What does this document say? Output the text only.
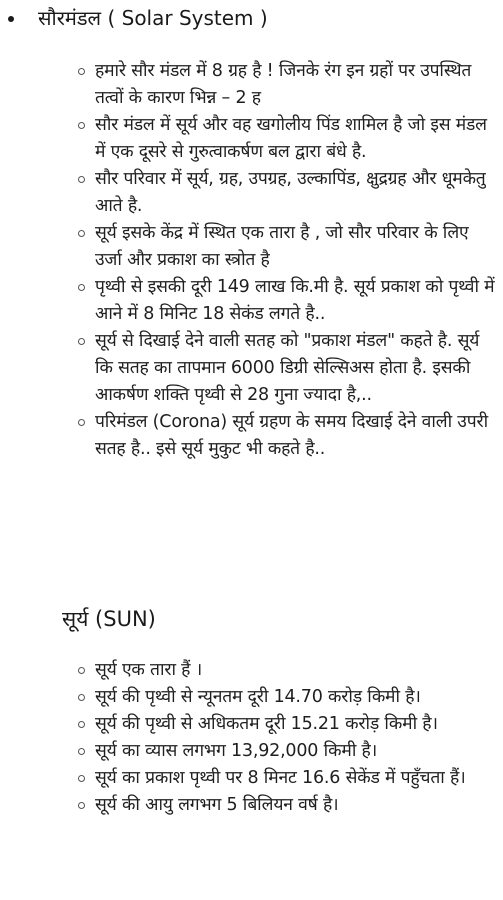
सौरमंडल ( Solar System )
हमारे सौर मंडल में 8 ग्रह है ! जिनके रंग इन ग्रहों पर उपस्थित तत्वों के कारण भिन्न – 2 ह
सौर मंडल में सूर्य और वह खगोलीय पिंड शामिल है जो इस मंडल में एक दूसरे से गुरुत्वाकर्षण बल द्वारा बंधे है.
सौर परिवार में सूर्य, ग्रह, उपग्रह, उल्कापिंड, क्षुद्रग्रह और धूमकेतु आते है.
सूर्य इसके केंद्र में स्थित एक तारा है , जो सौर परिवार के लिए उर्जा और प्रकाश का स्त्रोत है
पृथ्वी से इसकी दूरी 149 लाख कि.मी है. सूर्य प्रकाश को पृथ्वी में आने में 8 मिनिट 18 सेकंड लगते है..
सूर्य से दिखाई देने वाली सतह को "प्रकाश मंडल" कहते है. सूर्य कि सतह का तापमान 6000 डिग्री सेल्सिअस होता है. इसकी आकर्षण शक्ति पृथ्वी से 28 गुना ज्यादा है,..
परिमंडल (Corona) सूर्य ग्रहण के समय दिखाई देने वाली उपरी सतह है.. इसे सूर्य मुकुट भी कहते है..
सूर्य (SUN)
सूर्य एक तारा हैं ।
सूर्य की पृथ्वी से न्यूनतम दूरी 14.70 करोड़ किमी है।
सूर्य की पृथ्वी से अधिकतम दूरी 15.21 करोड़ किमी है।
सूर्य का व्यास लगभग 13,92,000 किमी है।
सूर्य का प्रकाश पृथ्वी पर 8 मिनट 16.6 सेकेंड में पहुँचता हैं।
सूर्य की आयु लगभग 5 बिलियन वर्ष है।
